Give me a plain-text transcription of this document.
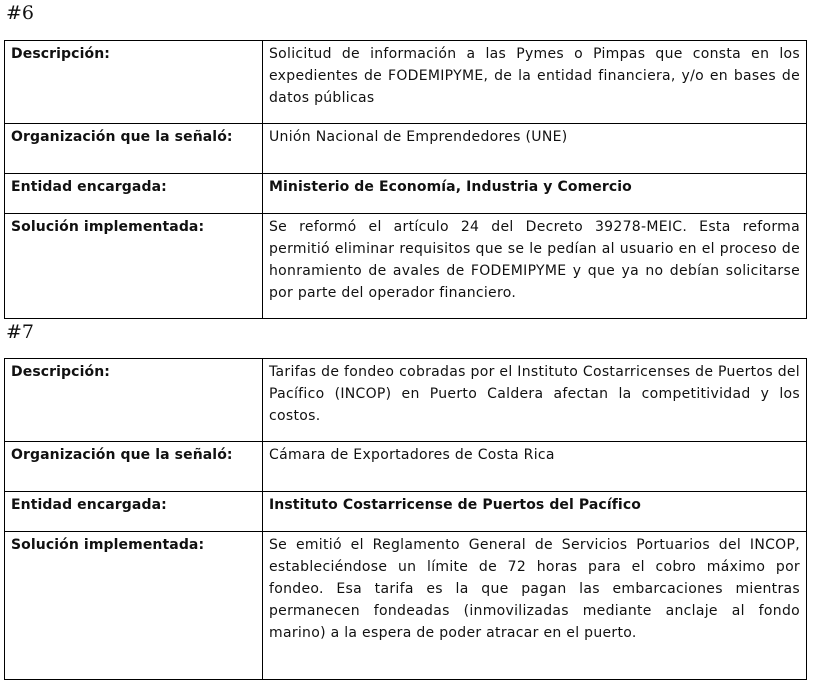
#6
Descripción:	Solicitud de información a las Pymes o Pimpas que consta en los expedientes de FODEMIPYME, de la entidad financiera, y/o en bases de datos públicas
Organización que la señaló:	Unión Nacional de Emprendedores (UNE)
Entidad encargada:	Ministerio de Economía, Industria y Comercio
Solución implementada:	Se reformó el artículo 24 del Decreto 39278-MEIC. Esta reforma permitió eliminar requisitos que se le pedían al usuario en el proceso de honramiento de avales de FODEMIPYME y que ya no debían solicitarse por parte del operador financiero.
#7
Descripción:	Tarifas de fondeo cobradas por el Instituto Costarricenses de Puertos del Pacífico (INCOP) en Puerto Caldera afectan la competitividad y los costos.
Organización que la señaló:	Cámara de Exportadores de Costa Rica
Entidad encargada:	Instituto Costarricense de Puertos del Pacífico
Solución implementada:	Se emitió el Reglamento General de Servicios Portuarios del INCOP, estableciéndose un límite de 72 horas para el cobro máximo por fondeo. Esa tarifa es la que pagan las embarcaciones mientras permanecen fondeadas (inmovilizadas mediante anclaje al fondo marino) a la espera de poder atracar en el puerto.
